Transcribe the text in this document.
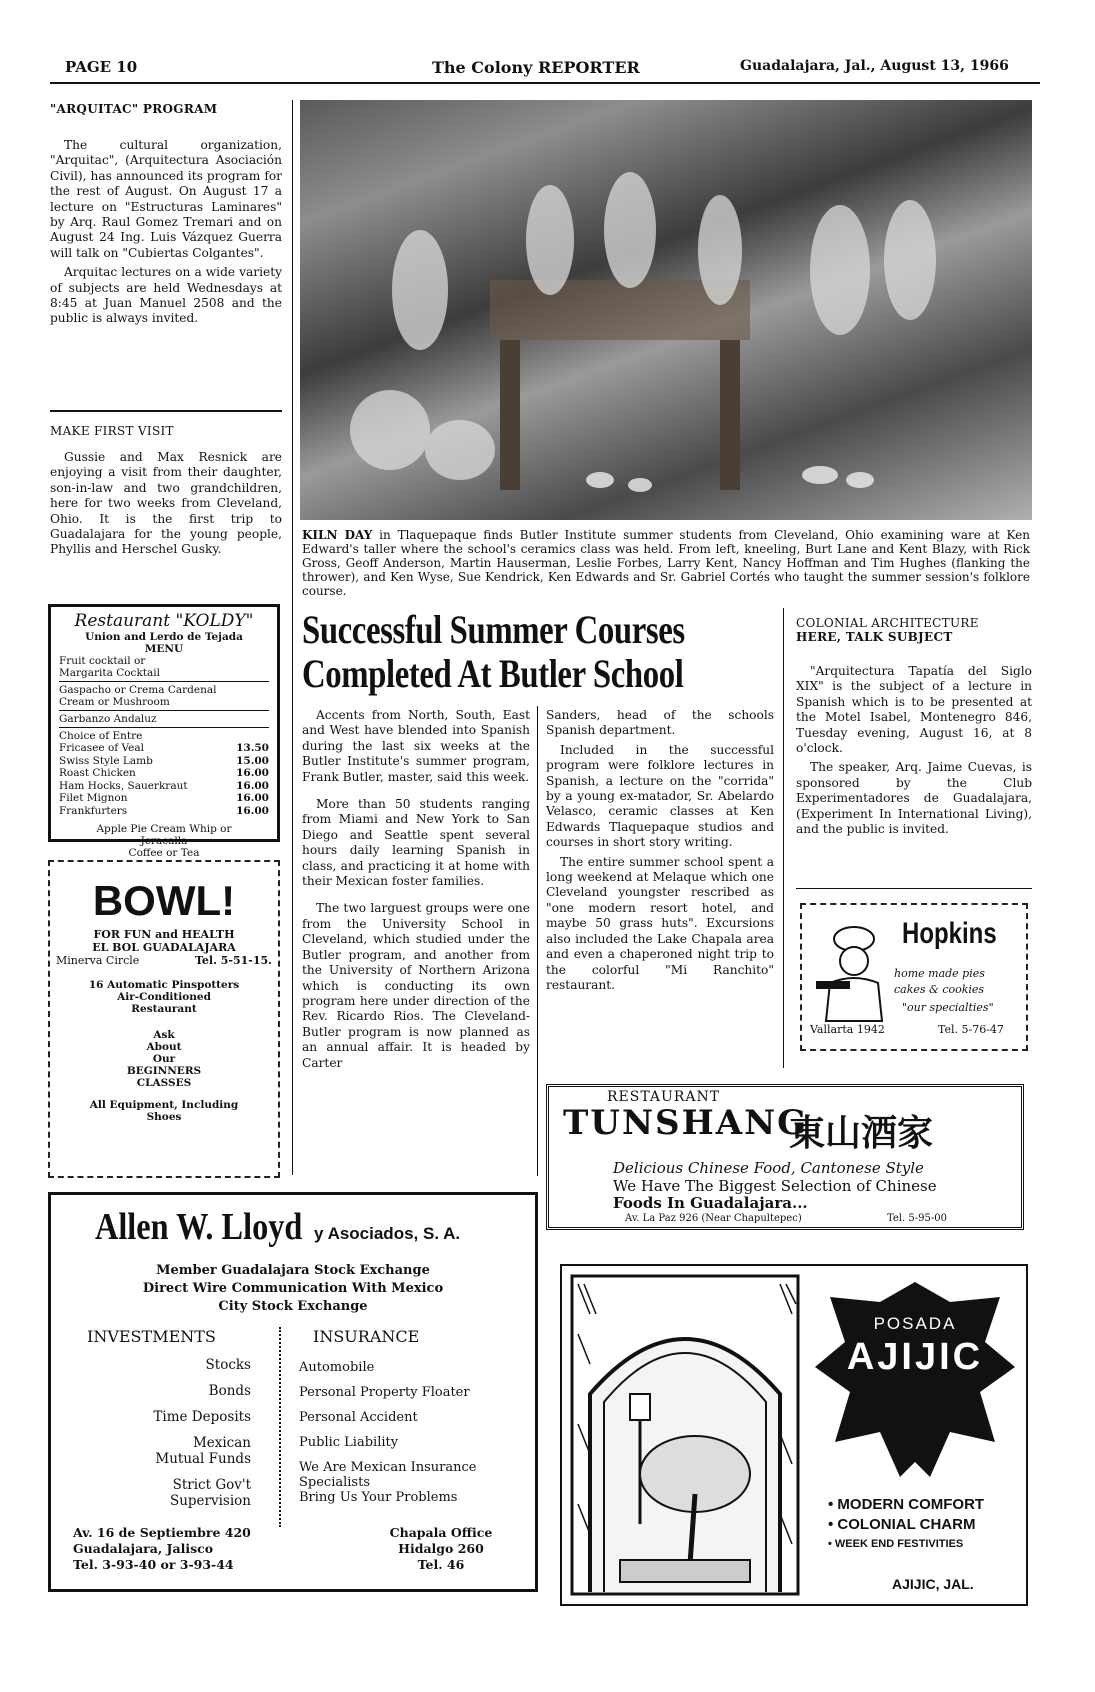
PAGE 10	The Colony REPORTER	Guadalajara, Jal., August 13, 1966
"ARQUITAC" PROGRAM

The cultural organization, "Arquitac", (Arquitectura Asociación Civil), has announced its program for the rest of August. On August 17 a lecture on "Estructuras Laminares" by Arq. Raul Gomez Tremari and on August 24 Ing. Luis Vázquez Guerra will talk on "Cubiertas Colgantes".

Arquitac lectures on a wide variety of subjects are held Wednesdays at 8:45 at Juan Manuel 2508 and the public is always invited.

MAKE FIRST VISIT

Gussie and Max Resnick are enjoying a visit from their daughter, son-in-law and two grandchildren, here for two weeks from Cleveland, Ohio. It is the first trip to Guadalajara for the young people, Phyllis and Herschel Gusky.

Restaurant "KOLDY"
Union and Lerdo de Tejada
MENU
Fruit cocktail or
Margarita Cocktail
Gaspacho or Crema Cardenal
Cream or Mushroom
Garbanzo Andaluz
Choice of Entre
Fricasee of Veal	13.50
Swiss Style Lamb	15.00
Roast Chicken	16.00
Ham Hocks, Sauerkraut	16.00
Filet Mignon	16.00
Frankfurters	16.00
Apple Pie Cream Whip or
Jeracalla
Coffee or Tea
BOWL!
FOR FUN and HEALTH
EL BOL GUADALAJARA
Minerva Circle	Tel. 5-51-15.
16 Automatic Pinspotters
Air-Conditioned
Restaurant
Ask
About
Our
BEGINNERS
CLASSES
All Equipment, Including
Shoes
KILN DAY in Tlaquepaque finds Butler Institute summer students from Cleveland, Ohio examining ware at Ken Edward's taller where the school's ceramics class was held. From left, kneeling, Burt Lane and Kent Blazy, with Rick Gross, Geoff Anderson, Martin Hauserman, Leslie Forbes, Larry Kent, Nancy Hoffman and Tim Hughes (flanking the thrower), and Ken Wyse, Sue Kendrick, Ken Edwards and Sr. Gabriel Cortés who taught the summer session's folklore course.
Successful Summer Courses
Completed At Butler School

Accents from North, South, East and West have blended into Spanish during the last six weeks at the Butler Institute's summer program, Frank Butler, master, said this week.

More than 50 students ranging from Miami and New York to San Diego and Seattle spent several hours daily learning Spanish in class, and practicing it at home with their Mexican foster families.

The two larguest groups were one from the University School in Cleveland, which studied under the Butler program, and another from the University of Northern Arizona which is conducting its own program here under direction of the Rev. Ricardo Rios. The Cleveland-Butler program is now planned as an annual affair. It is headed by Carter

Sanders, head of the schools Spanish department.

Included in the successful program were folklore lectures in Spanish, a lecture on the "corrida" by a young ex-matador, Sr. Abelardo Velasco, ceramic classes at Ken Edwards Tlaquepaque studios and courses in short story writing.

The entire summer school spent a long weekend at Melaque which one Cleveland youngster rescribed as "one modern resort hotel, and maybe 50 grass huts". Excursions also included the Lake Chapala area and even a chaperoned night trip to the colorful "Mi Ranchito" restaurant.

COLONIAL ARCHITECTURE
HERE, TALK SUBJECT

"Arquitectura Tapatía del Siglo XIX" is the subject of a lecture in Spanish which is to be presented at the Motel Isabel, Montenegro 846, Tuesday evening, August 16, at 8 o'clock.

The speaker, Arq. Jaime Cuevas, is sponsored by the Club Experimentadores de Guadalajara, (Experiment In International Living), and the public is invited.

Hopkins
home made pies
cakes & cookies
"our specialties"
Vallarta 1942	Tel. 5-76-47
RESTAURANT
TUNSHANG
東山酒家
Delicious Chinese Food, Cantonese Style
We Have The Biggest Selection of Chinese
Foods In Guadalajara...
Av. La Paz 926 (Near Chapultepec)	Tel. 5-95-00
Allen W. Lloyd y Asociados, S. A.
Member Guadalajara Stock Exchange
Direct Wire Communication With Mexico
City Stock Exchange
INVESTMENTS	INSURANCE
Stocks
Bonds
Time Deposits
Mexican Mutual Funds
Strict Gov't Supervision
Automobile
Personal Property Floater
Personal Accident
Public Liability
We Are Mexican Insurance Specialists
Bring Us Your Problems
Av. 16 de Septiembre 420
Guadalajara, Jalisco
Tel. 3-93-40 or 3-93-44
Chapala Office
Hidalgo 260
Tel. 46
POSADA
AJIJIC
• MODERN COMFORT
• COLONIAL CHARM
• WEEK END FESTIVITIES
AJIJIC, JAL.
